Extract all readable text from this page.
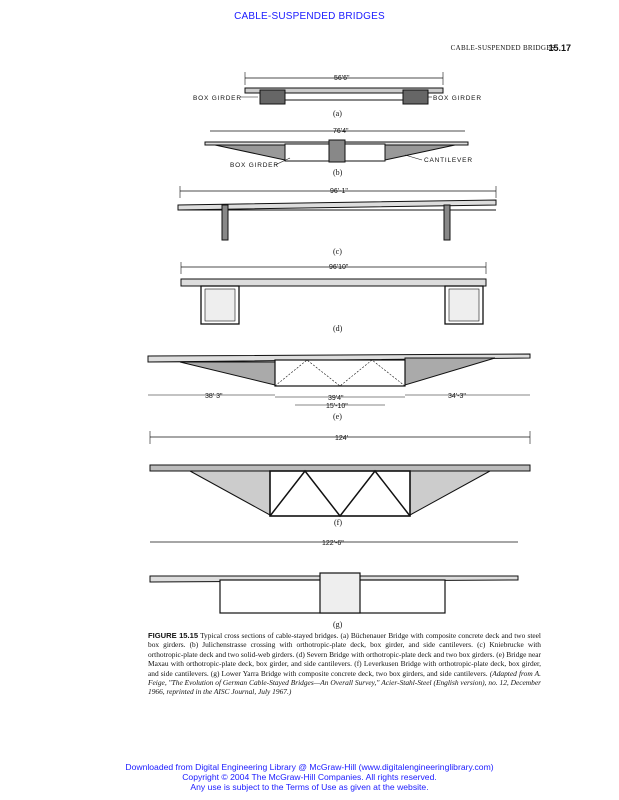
CABLE-SUSPENDED BRIDGES
CABLE-SUSPENDED BRIDGES
15.17
56'6"
BOX GIRDER	BOX GIRDER
(a)
76'4"
BOX GIRDER
CANTILEVER
(b)
96'-1"
(c)
96'10"
(d)
38' 3"	39'4"
15'-10"
34'-3"
(e)
124'
(f)
122'-6"
(g)
FIGURE 15.15 Typical cross sections of cable-stayed bridges. (a) Büchenauer Bridge with composite concrete deck and two steel box girders. (b) Julichenstrasse crossing with orthotropic-plate deck, box girder, and side cantilevers. (c) Kniebrucke with orthotropic-plate deck and two solid-web girders. (d) Severn Bridge with orthotropic-plate deck and two box girders. (e) Bridge near Maxau with orthotropic-plate deck, box girder, and side cantilevers. (f) Leverkusen Bridge with orthotropic-plate deck, box girder, and side cantilevers. (g) Lower Yarra Bridge with composite concrete deck, two box girders, and side cantilevers. (Adapted from A. Feige, "The Evolution of German Cable-Stayed Bridges—An Overall Survey," Acier-Stahl-Steel (English version), no. 12, December 1966, reprinted in the AISC Journal, July 1967.)
Downloaded from Digital Engineering Library @ McGraw-Hill (www.digitalengineeringlibrary.com)
Copyright © 2004 The McGraw-Hill Companies. All rights reserved.
Any use is subject to the Terms of Use as given at the website.
